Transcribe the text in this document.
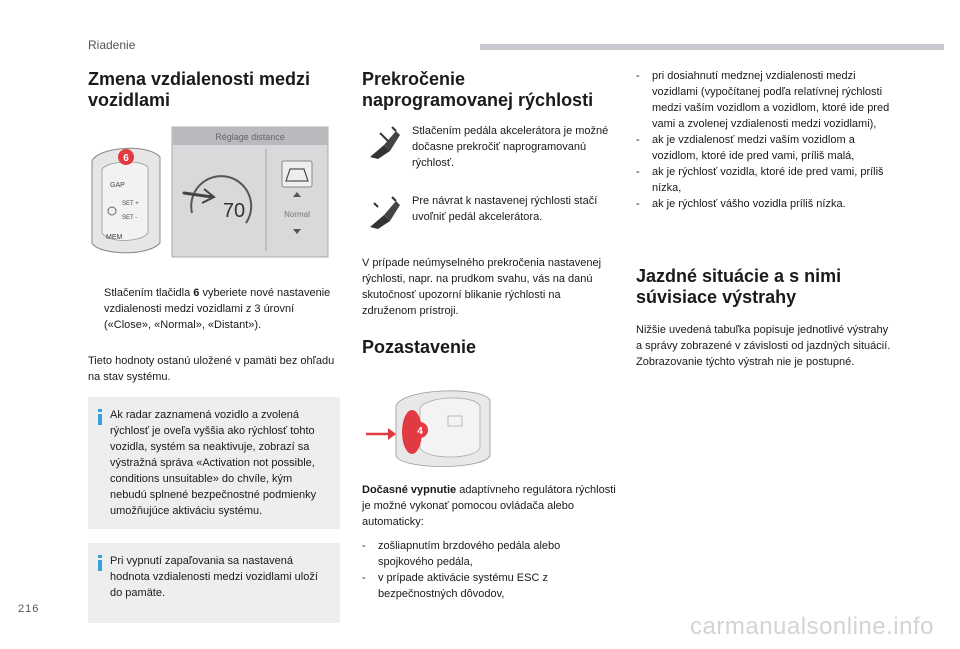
Riadenie
Zmena vzdialenosti medzi
vozidlami
GAP
SET +
SET -
MEM
6
Réglage distance
70	Normal
Stlačením tlačidla 6 vyberiete nové nastavenie vzdialenosti medzi vozidlami z 3 úrovní («Close», «Normal», «Distant»).

Tieto hodnoty ostanú uložené v pamäti bez ohľadu na stav systému.

Ak radar zaznamená vozidlo a zvolená rýchlosť je oveľa vyššia ako rýchlosť tohto vozidla, systém sa neaktivuje, zobrazí sa výstražná správa «Activation not possible, conditions unsuitable» do chvíle, kým nebudú splnené bezpečnostné podmienky umožňujúce aktiváciu systému.

Pri vypnutí zapaľovania sa nastavená hodnota vzdialenosti medzi vozidlami uloží do pamäte.

Prekročenie
naprogramovanej rýchlosti

Stlačením pedála akcelerátora je možné dočasne prekročiť naprogramovanú rýchlosť.

Pre návrat k nastavenej rýchlosti stačí uvoľniť pedál akcelerátora.

V prípade neúmyselného prekročenia nastavenej rýchlosti, napr. na prudkom svahu, vás na danú skutočnosť upozorní blikanie rýchlosti na združenom prístroji.

Pozastavenie
4

Dočasné vypnutie adaptívneho regulátora rýchlosti je možné vykonať pomocou ovládača alebo automaticky:

-	zošliapnutím brzdového pedála alebo spojkového pedála,
-	v prípade aktivácie systému ESC z bezpečnostných dôvodov,
-	pri dosiahnutí medznej vzdialenosti medzi vozidlami (vypočítanej podľa relatívnej rýchlosti medzi vaším vozidlom a vozidlom, ktoré ide pred vami a zvolenej vzdialenosti medzi vozidlami),
-	ak je vzdialenosť medzi vaším vozidlom a vozidlom, ktoré ide pred vami, príliš malá,
-	ak je rýchlosť vozidla, ktoré ide pred vami, príliš nízka,
-	ak je rýchlosť vášho vozidla príliš nízka.
Jazdné situácie a s nimi
súvisiace výstrahy

Nižšie uvedená tabuľka popisuje jednotlivé výstrahy a správy zobrazené v závislosti od jazdných situácií.
Zobrazovanie týchto výstrah nie je postupné.

216
carmanualsonline.info
